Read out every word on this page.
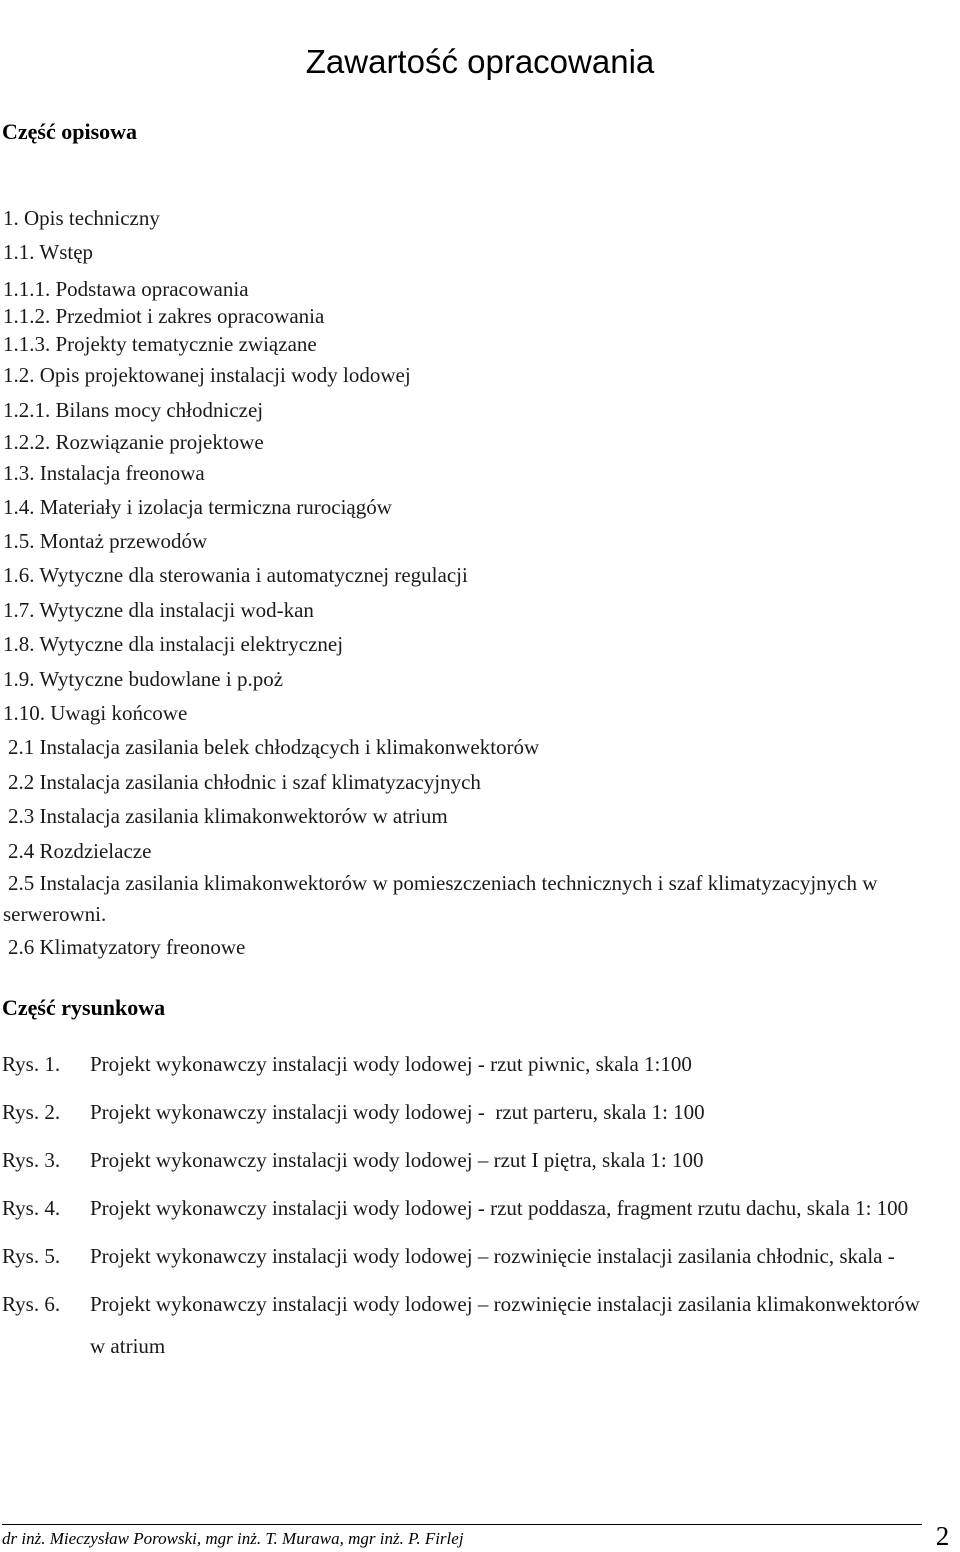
Zawartość opracowania
Część opisowa
1. Opis techniczny
1.1. Wstęp
1.1.1. Podstawa opracowania
1.1.2. Przedmiot i zakres opracowania
1.1.3. Projekty tematycznie związane
1.2. Opis projektowanej instalacji wody lodowej
1.2.1. Bilans mocy chłodniczej
1.2.2. Rozwiązanie projektowe
1.3. Instalacja freonowa
1.4. Materiały i izolacja termiczna rurociągów
1.5. Montaż przewodów
1.6. Wytyczne dla sterowania i automatycznej regulacji
1.7. Wytyczne dla instalacji wod-kan
1.8. Wytyczne dla instalacji elektrycznej
1.9. Wytyczne budowlane i p.poż
1.10. Uwagi końcowe
2.1 Instalacja zasilania belek chłodzących i klimakonwektorów
2.2 Instalacja zasilania chłodnic i szaf klimatyzacyjnych
2.3 Instalacja zasilania klimakonwektorów w atrium
2.4 Rozdzielacze
2.5 Instalacja zasilania klimakonwektorów w pomieszczeniach technicznych i szaf klimatyzacyjnych w serwerowni.
2.6 Klimatyzatory freonowe
Część rysunkowa
Rys. 1.	Projekt wykonawczy instalacji wody lodowej - rzut piwnic, skala 1:100
Rys. 2.	Projekt wykonawczy instalacji wody lodowej -  rzut parteru, skala 1: 100
Rys. 3.	Projekt wykonawczy instalacji wody lodowej – rzut I piętra, skala 1: 100
Rys. 4.	Projekt wykonawczy instalacji wody lodowej - rzut poddasza, fragment rzutu dachu, skala 1: 100
Rys. 5.	Projekt wykonawczy instalacji wody lodowej – rozwinięcie instalacji zasilania chłodnic, skala -
Rys. 6.	Projekt wykonawczy instalacji wody lodowej – rozwinięcie instalacji zasilania klimakonwektorów w atrium
dr inż. Mieczysław Porowski, mgr inż. T. Murawa, mgr inż. P. Firlej	2
